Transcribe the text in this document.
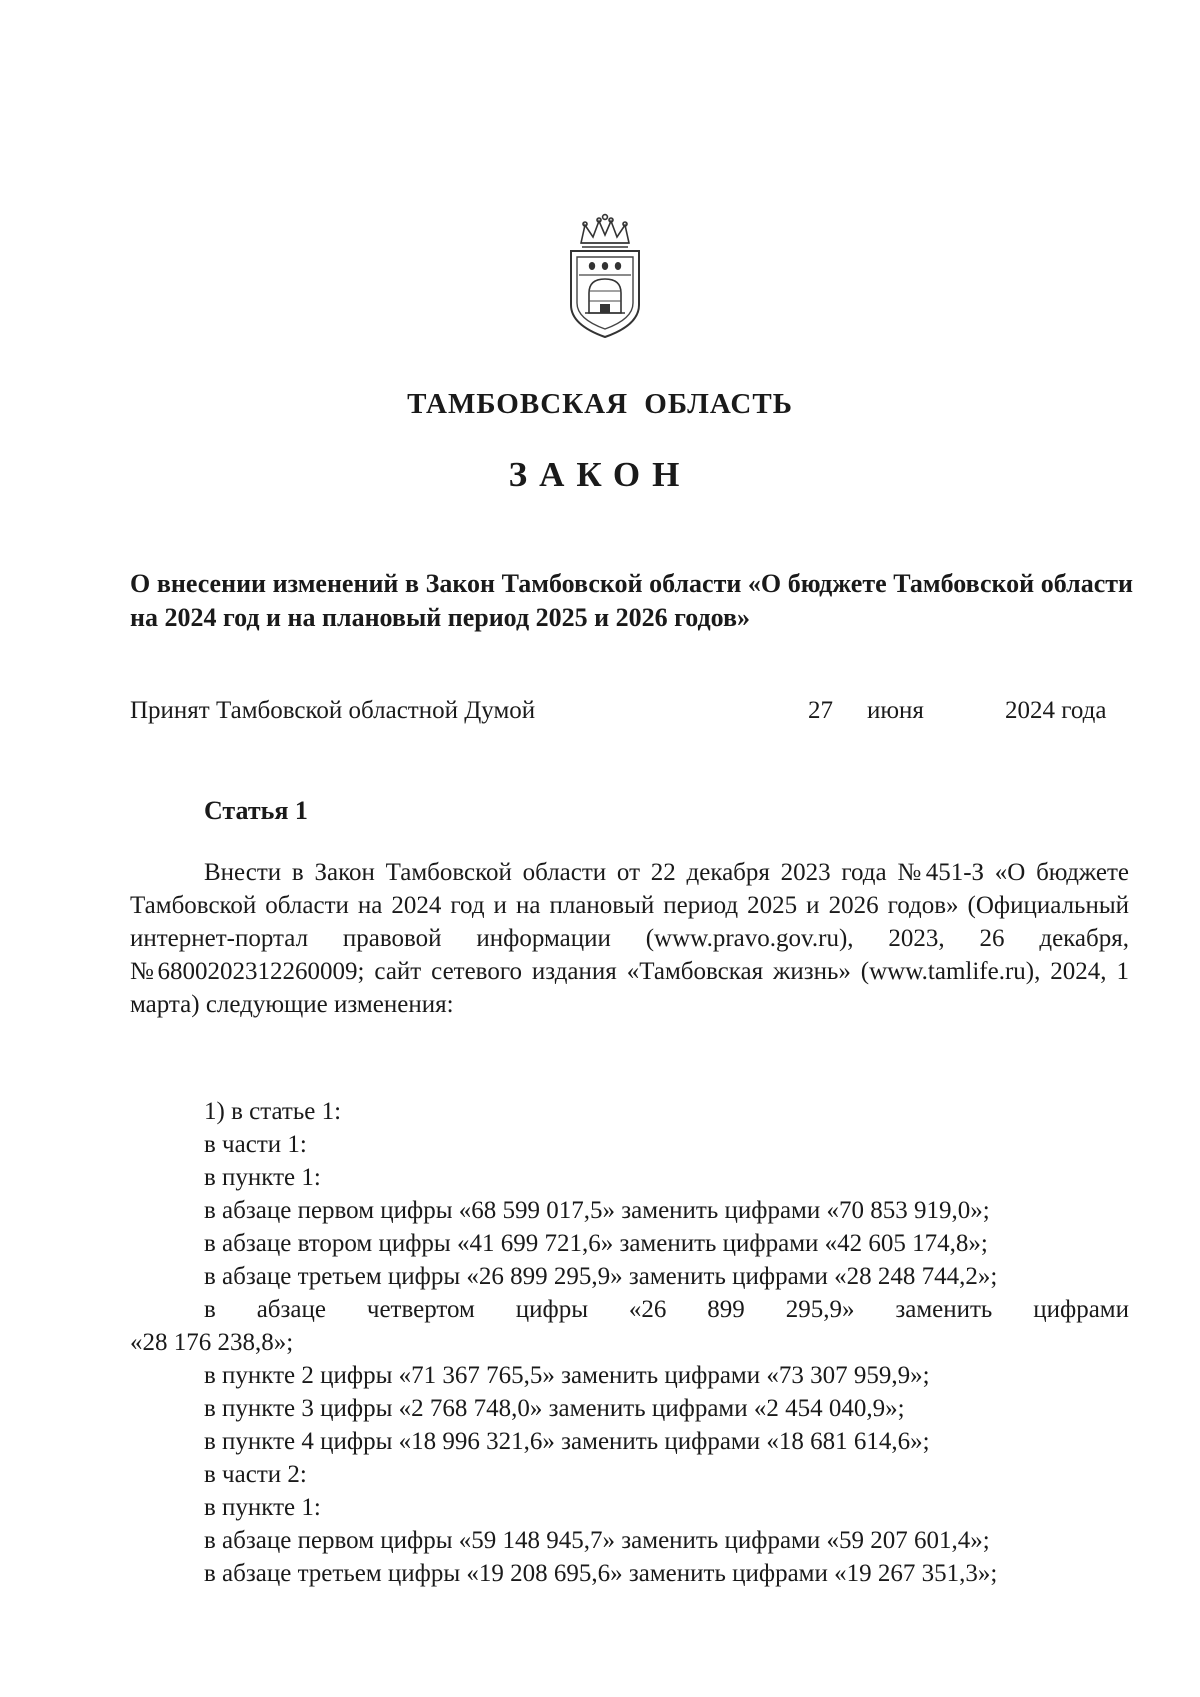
ТАМБОВСКАЯ ОБЛАСТЬ
ЗАКОН
О внесении изменений в Закон Тамбовской области «О бюджете Тамбовской области на 2024 год и на плановый период 2025 и 2026 годов»
Принят Тамбовской областной Думой	27 июня	2024 года
Статья 1
Внести в Закон Тамбовской области от 22 декабря 2023 года №451-З «О бюджете Тамбовской области на 2024 год и на плановый период 2025 и 2026 годов» (Официальный интернет-портал правовой информации (www.pravo.gov.ru), 2023, 26 декабря, №6800202312260009; сайт сетевого издания «Тамбовская жизнь» (www.tamlife.ru), 2024, 1 марта) следующие изменения:

1) в статье 1:

в части 1:

в пункте 1:

в абзаце первом цифры «68 599 017,5» заменить цифрами «70 853 919,0»;

в абзаце втором цифры «41 699 721,6» заменить цифрами «42 605 174,8»;

в абзаце третьем цифры «26 899 295,9» заменить цифрами «28 248 744,2»;

в абзаце четвертом цифры «26 899 295,9» заменить цифрами

«28 176 238,8»;

в пункте 2 цифры «71 367 765,5» заменить цифрами «73 307 959,9»;

в пункте 3 цифры «2 768 748,0» заменить цифрами «2 454 040,9»;

в пункте 4 цифры «18 996 321,6» заменить цифрами «18 681 614,6»;

в части 2:

в пункте 1:

в абзаце первом цифры «59 148 945,7» заменить цифрами «59 207 601,4»;

в абзаце третьем цифры «19 208 695,6» заменить цифрами «19 267 351,3»;
